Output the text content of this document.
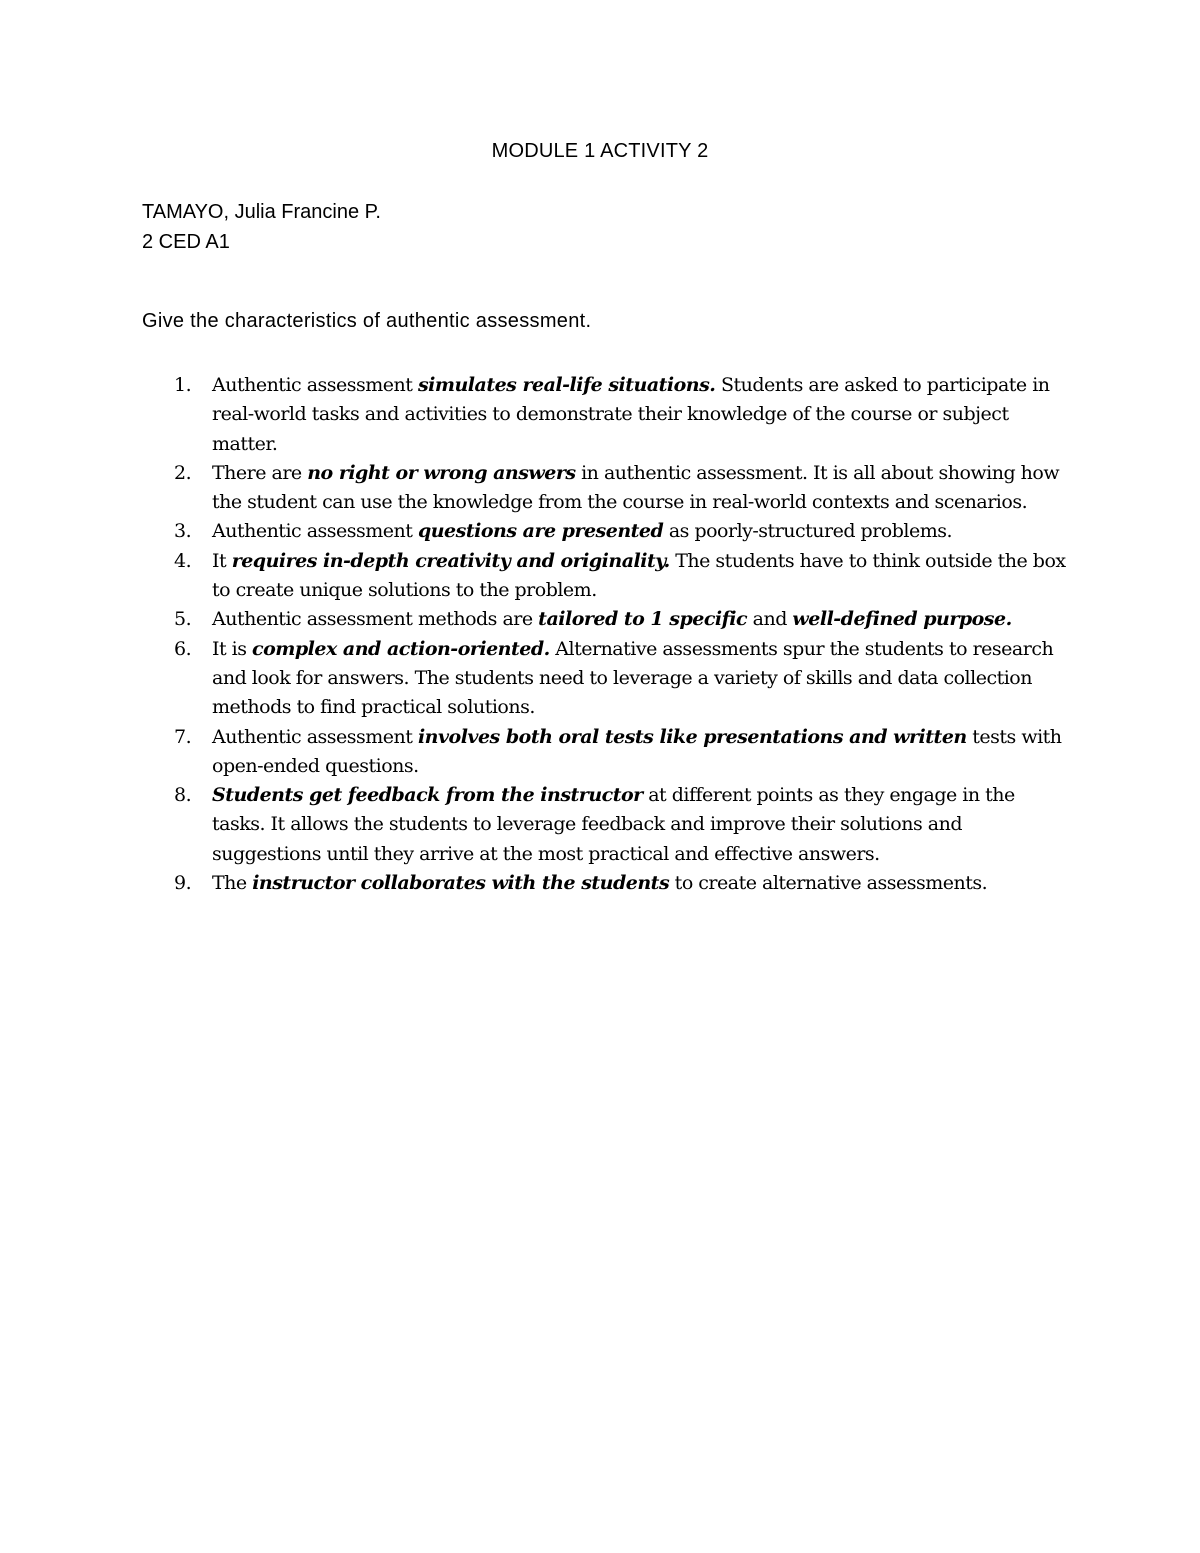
MODULE 1 ACTIVITY 2
TAMAYO, Julia Francine P.
2 CED A1
Give the characteristics of authentic assessment.
1. Authentic assessment simulates real-life situations. Students are asked to participate in real-world tasks and activities to demonstrate their knowledge of the course or subject matter.
2. There are no right or wrong answers in authentic assessment. It is all about showing how the student can use the knowledge from the course in real-world contexts and scenarios.
3. Authentic assessment questions are presented as poorly-structured problems.
4. It requires in-depth creativity and originality. The students have to think outside the box to create unique solutions to the problem.
5. Authentic assessment methods are tailored to 1 specific and well-defined purpose.
6. It is complex and action-oriented. Alternative assessments spur the students to research and look for answers. The students need to leverage a variety of skills and data collection methods to find practical solutions.
7. Authentic assessment involves both oral tests like presentations and written tests with open-ended questions.
8. Students get feedback from the instructor at different points as they engage in the tasks. It allows the students to leverage feedback and improve their solutions and suggestions until they arrive at the most practical and effective answers.
9. The instructor collaborates with the students to create alternative assessments.
